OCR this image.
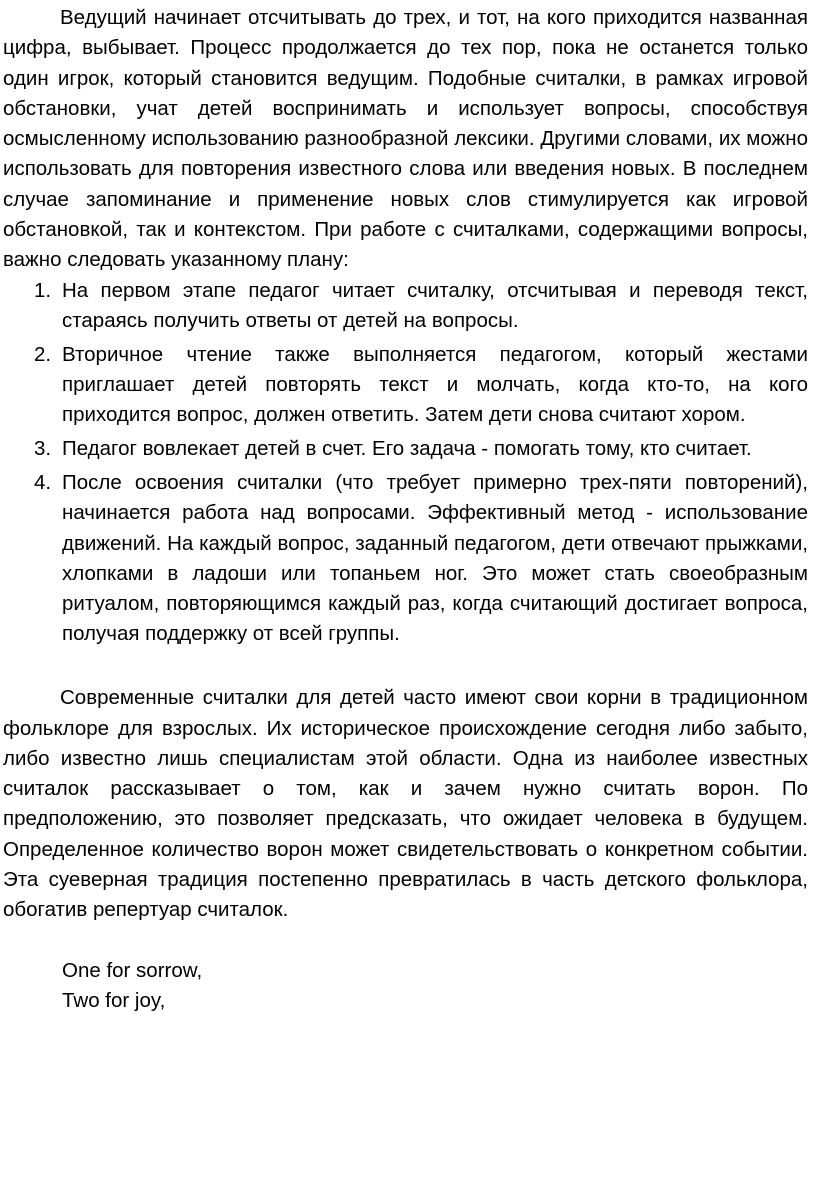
Ведущий начинает отсчитывать до трех, и тот, на кого приходится названная цифра, выбывает. Процесс продолжается до тех пор, пока не останется только один игрок, который становится ведущим. Подобные считалки, в рамках игровой обстановки, учат детей воспринимать и использует вопросы, способствуя осмысленному использованию разнообразной лексики. Другими словами, их можно использовать для повторения известного слова или введения новых. В последнем случае запоминание и применение новых слов стимулируется как игровой обстановкой, так и контекстом. При работе с считалками, содержащими вопросы, важно следовать указанному плану:

1. На первом этапе педагог читает считалку, отсчитывая и переводя текст, стараясь получить ответы от детей на вопросы.
2. Вторичное чтение также выполняется педагогом, который жестами приглашает детей повторять текст и молчать, когда кто-то, на кого приходится вопрос, должен ответить. Затем дети снова считают хором.
3. Педагог вовлекает детей в счет. Его задача - помогать тому, кто считает.
4. После освоения считалки (что требует примерно трех-пяти повторений), начинается работа над вопросами. Эффективный метод - использование движений. На каждый вопрос, заданный педагогом, дети отвечают прыжками, хлопками в ладоши или топаньем ног. Это может стать своеобразным ритуалом, повторяющимся каждый раз, когда считающий достигает вопроса, получая поддержку от всей группы.

Современные считалки для детей часто имеют свои корни в традиционном фольклоре для взрослых. Их историческое происхождение сегодня либо забыто, либо известно лишь специалистам этой области. Одна из наиболее известных считалок рассказывает о том, как и зачем нужно считать ворон. По предположению, это позволяет предсказать, что ожидает человека в будущем. Определенное количество ворон может свидетельствовать о конкретном событии. Эта суеверная традиция постепенно превратилась в часть детского фольклора, обогатив репертуар считалок.

One for sorrow,

Two for joy,
